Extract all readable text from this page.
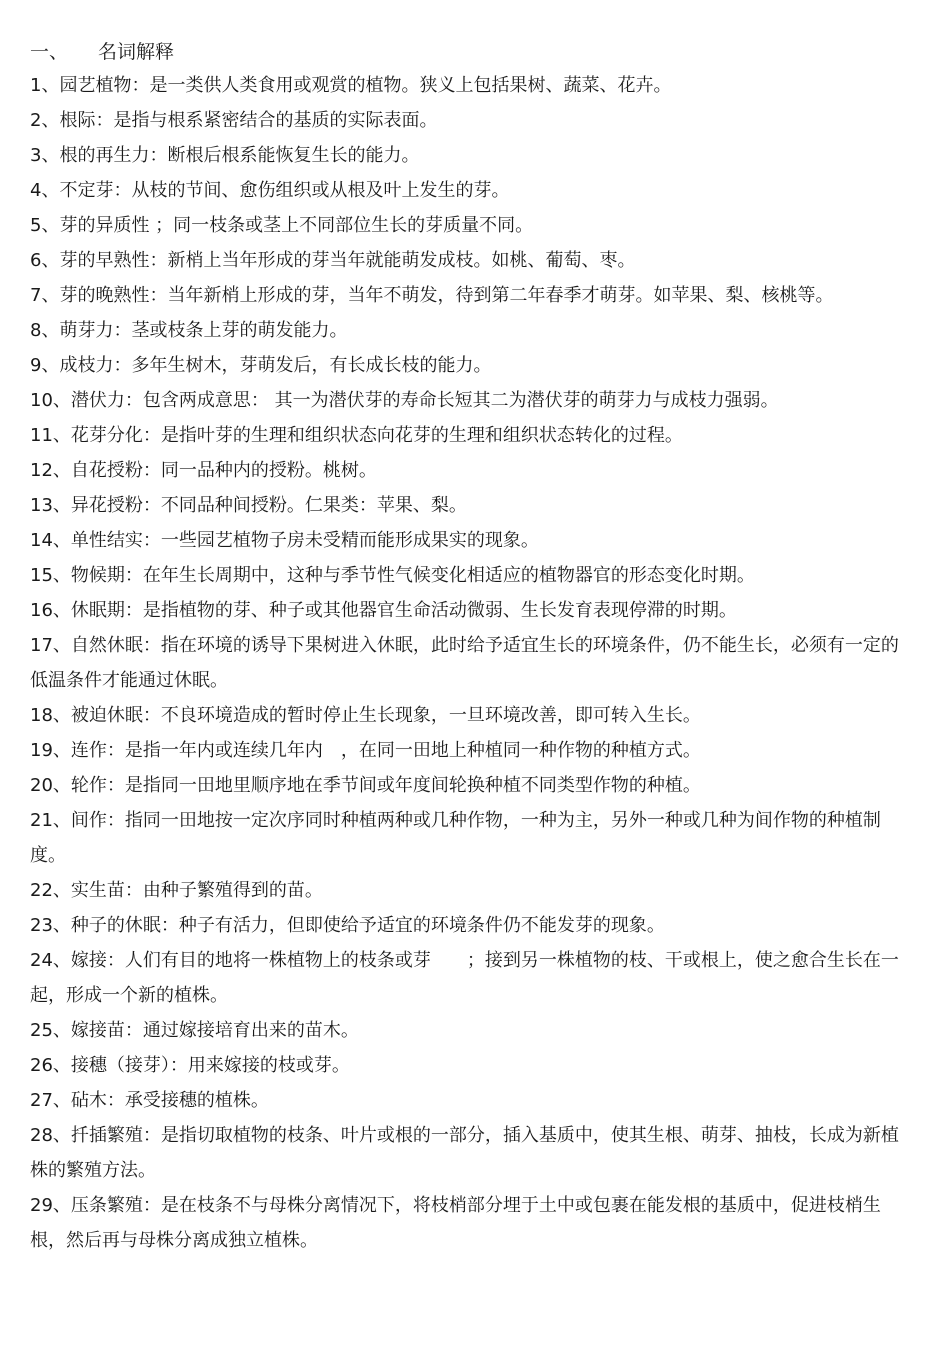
一、 名词解释
1、园艺植物：是一类供人类食用或观赏的植物。狭义上包括果树、蔬菜、花卉。
2、根际：是指与根系紧密结合的基质的实际表面。
3、根的再生力：断根后根系能恢复生长的能力。
4、不定芽：从枝的节间、愈伤组织或从根及叶上发生的芽。
5、芽的异质性 ；同一枝条或茎上不同部位生长的芽质量不同。
6、芽的早熟性：新梢上当年形成的芽当年就能萌发成枝。如桃、葡萄、枣。
7、芽的晚熟性：当年新梢上形成的芽，当年不萌发，待到第二年春季才萌芽。如苹果、梨、核桃等。
8、萌芽力：茎或枝条上芽的萌发能力。
9、成枝力：多年生树木，芽萌发后，有长成长枝的能力。
10、潜伏力：包含两成意思： 其一为潜伏芽的寿命长短其二为潜伏芽的萌芽力与成枝力强弱。
11、花芽分化：是指叶芽的生理和组织状态向花芽的生理和组织状态转化的过程。
12、自花授粉：同一品种内的授粉。桃树。
13、异花授粉：不同品种间授粉。仁果类：苹果、梨。
14、单性结实：一些园艺植物子房未受精而能形成果实的现象。
15、物候期：在年生长周期中，这种与季节性气候变化相适应的植物器官的形态变化时期。
16、休眠期：是指植物的芽、种子或其他器官生命活动微弱、生长发育表现停滞的时期。
17、自然休眠：指在环境的诱导下果树进入休眠，此时给予适宜生长的环境条件，仍不能生长，必须有一定的低温条件才能通过休眠。
18、被迫休眠：不良环境造成的暂时停止生长现象，一旦环境改善，即可转入生长。
19、连作：是指一年内或连续几年内　，在同一田地上种植同一种作物的种植方式。
20、轮作：是指同一田地里顺序地在季节间或年度间轮换种植不同类型作物的种植。
21、间作：指同一田地按一定次序同时种植两种或几种作物，一种为主，另外一种或几种为间作物的种植制度。
22、实生苗：由种子繁殖得到的苗。
23、种子的休眠：种子有活力，但即使给予适宜的环境条件仍不能发芽的现象。
24、嫁接：人们有目的地将一株植物上的枝条或芽　　；接到另一株植物的枝、干或根上，使之愈合生长在一起，形成一个新的植株。
25、嫁接苗：通过嫁接培育出来的苗木。
26、接穗（接芽）：用来嫁接的枝或芽。
27、砧木：承受接穗的植株。
28、扦插繁殖：是指切取植物的枝条、叶片或根的一部分，插入基质中，使其生根、萌芽、抽枝，长成为新植株的繁殖方法。
29、压条繁殖：是在枝条不与母株分离情况下，将枝梢部分埋于土中或包裹在能发根的基质中，促进枝梢生根，然后再与母株分离成独立植株。
